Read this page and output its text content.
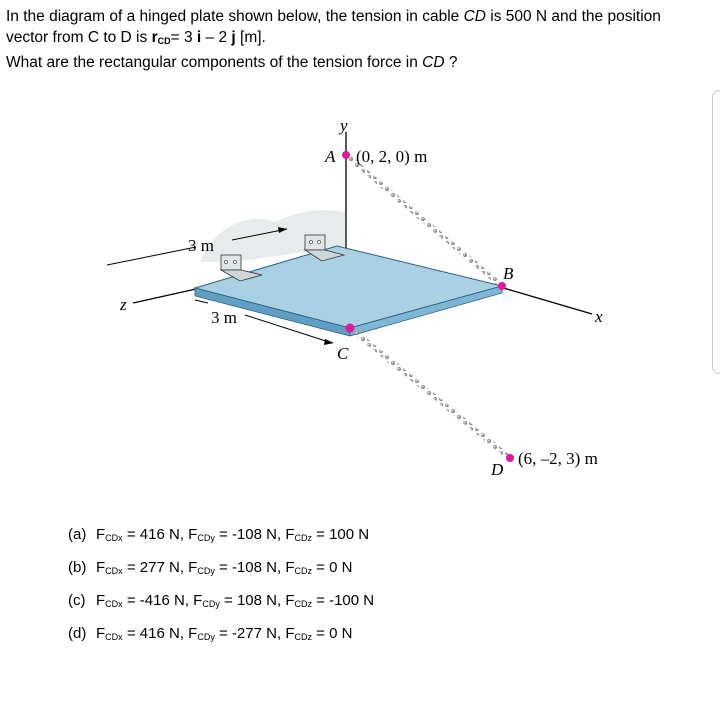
In the diagram of a hinged plate shown below, the tension in cable CD is 500 N and the position

vector from C to D is $r_{CD}= 3$ i – 2 j [m].

What are the rectangular components of the tension force in CD ?

y
x
z
3 m
3 m
A (0, 2, 0) m
B
C
D
(6, –2, 3) m
(a) $F_{CDx} = 416$ N, $F_{CDy} = -108$ N, $F_{CDz} = 100$ N
(b) $F_{CDx} = 277$ N, $F_{CDy} = -108$ N, $F_{CDz} = 0$ N
(c) $F_{CDx} = -416$ N, $F_{CDy} = 108$ N, $F_{CDz} = -100$ N
(d) $F_{CDx} = 416$ N, $F_{CDy} = -277$ N, $F_{CDz} = 0$ N
